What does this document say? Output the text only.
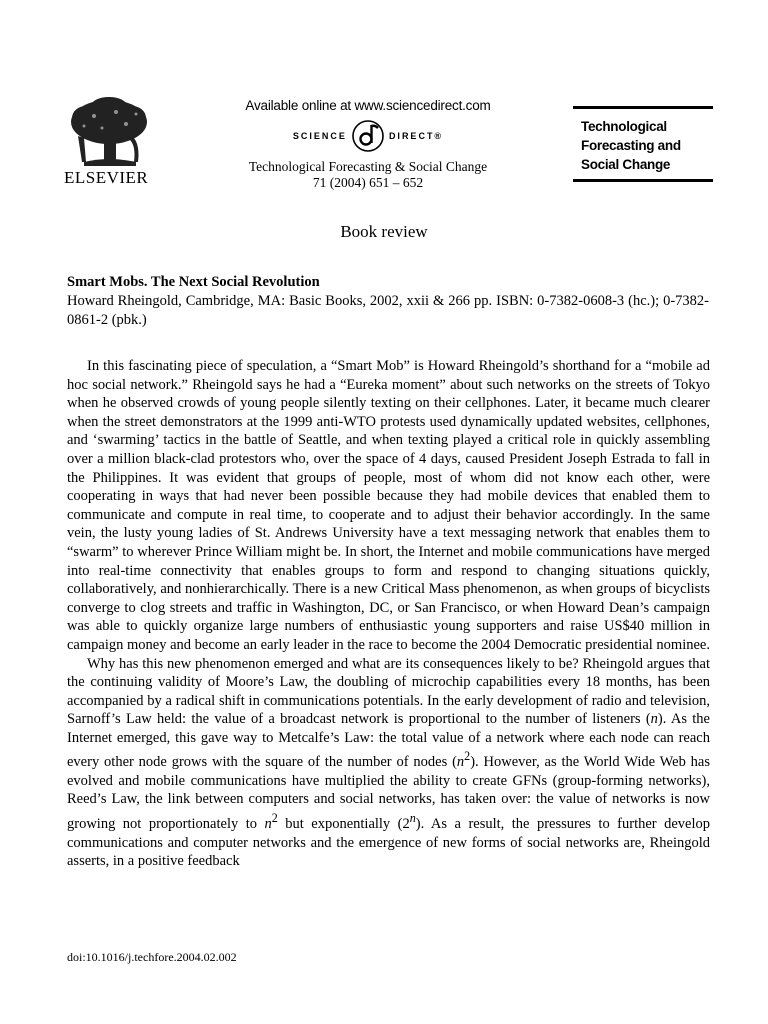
ELSEVIER
Available online at www.sciencedirect.com
SCIENCE	DIRECT®
Technological Forecasting & Social Change
71 (2004) 651 – 652
Technological
Forecasting and
Social Change
Book review
Smart Mobs. The Next Social Revolution
Howard Rheingold, Cambridge, MA: Basic Books, 2002, xxii & 266 pp. ISBN: 0-7382-0608-3 (hc.); 0-7382-0861-2 (pbk.)

In this fascinating piece of speculation, a “Smart Mob” is Howard Rheingold’s shorthand for a “mobile ad hoc social network.” Rheingold says he had a “Eureka moment” about such networks on the streets of Tokyo when he observed crowds of young people silently texting on their cellphones. Later, it became much clearer when the street demonstrators at the 1999 anti-WTO protests used dynamically updated websites, cellphones, and ‘swarming’ tactics in the battle of Seattle, and when texting played a critical role in quickly assembling over a million black-clad protestors who, over the space of 4 days, caused President Joseph Estrada to fall in the Philippines. It was evident that groups of people, most of whom did not know each other, were cooperating in ways that had never been possible because they had mobile devices that enabled them to communicate and compute in real time, to cooperate and to adjust their behavior accordingly. In the same vein, the lusty young ladies of St. Andrews University have a text messaging network that enables them to “swarm” to wherever Prince William might be. In short, the Internet and mobile communications have merged into real-time connectivity that enables groups to form and respond to changing situations quickly, collaboratively, and nonhierarchically. There is a new Critical Mass phenomenon, as when groups of bicyclists converge to clog streets and traffic in Washington, DC, or San Francisco, or when Howard Dean’s campaign was able to quickly organize large numbers of enthusiastic young supporters and raise US$40 million in campaign money and become an early leader in the race to become the 2004 Democratic presidential nominee.

Why has this new phenomenon emerged and what are its consequences likely to be? Rheingold argues that the continuing validity of Moore’s Law, the doubling of microchip capabilities every 18 months, has been accompanied by a radical shift in communications potentials. In the early development of radio and television, Sarnoff’s Law held: the value of a broadcast network is proportional to the number of listeners (n). As the Internet emerged, this gave way to Metcalfe’s Law: the total value of a network where each node can reach every other node grows with the square of the number of nodes $(n^2)$. However, as the World Wide Web has evolved and mobile communications have multiplied the ability to create GFNs (group-forming networks), Reed’s Law, the link between computers and social networks, has taken over: the value of networks is now growing not proportionately to $n^2$ but exponentially (2$^n$). As a result, the pressures to further develop communications and computer networks and the emergence of new forms of social networks are, Rheingold asserts, in a positive feedback

doi:10.1016/j.techfore.2004.02.002
